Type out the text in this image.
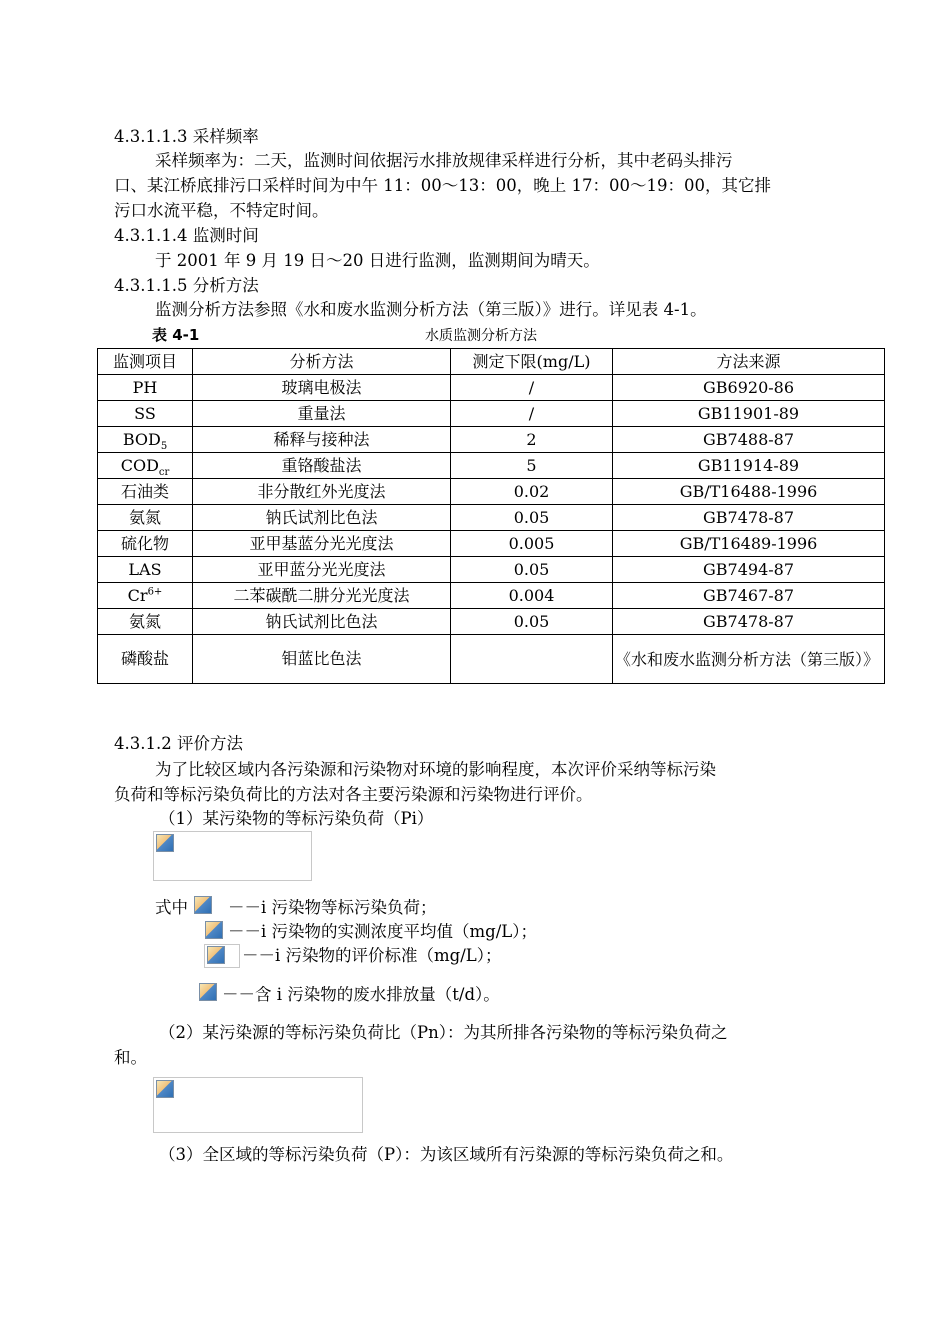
4.3.1.1.3 采样频率
采样频率为：二天，监测时间依据污水排放规律采样进行分析，其中老码头排污
口、某江桥底排污口采样时间为中午 11：00～13：00，晚上 17：00～19：00，其它排
污口水流平稳，不特定时间。
4.3.1.1.4 监测时间
于 2001 年 9 月 19 日～20 日进行监测，监测期间为晴天。
4.3.1.1.5 分析方法
监测分析方法参照《水和废水监测分析方法（第三版）》进行。详见表 4-1。
表 4-1	水质监测分析方法
监测项目	分析方法	测定下限(mg/L)	方法来源
PH	玻璃电极法	/	GB6920-86
SS	重量法	/	GB11901-89
$BOD_5$	稀释与接种法	2	GB7488-87
$COD_{cr}$	重铬酸盐法	5	GB11914-89
石油类	非分散红外光度法	0.02	GB/T16488-1996
氨氮	钠氏试剂比色法	0.05	GB7478-87
硫化物	亚甲基蓝分光光度法	0.005	GB/T16489-1996
LAS	亚甲蓝分光光度法	0.05	GB7494-87
$Cr^{6+}$	二苯碳酰二肼分光光度法	0.004	GB7467-87
氨氮	钠氏试剂比色法	0.05	GB7478-87
磷酸盐	钼蓝比色法		《水和废水监测分析方法（第三版）》
4.3.1.2 评价方法
为了比较区域内各污染源和污染物对环境的影响程度，本次评价采纳等标污染
负荷和等标污染负荷比的方法对各主要污染源和污染物进行评价。
（1）某污染物的等标污染负荷（Pi）
式中 －－i 污染物等标污染负荷；
－－i 污染物的实测浓度平均值（mg/L）；
－－i 污染物的评价标准（mg/L）；
－－含 i 污染物的废水排放量（t/d）。
（2）某污染源的等标污染负荷比（Pn）：为其所排各污染物的等标污染负荷之
和。
（3）全区域的等标污染负荷（P）：为该区域所有污染源的等标污染负荷之和。
